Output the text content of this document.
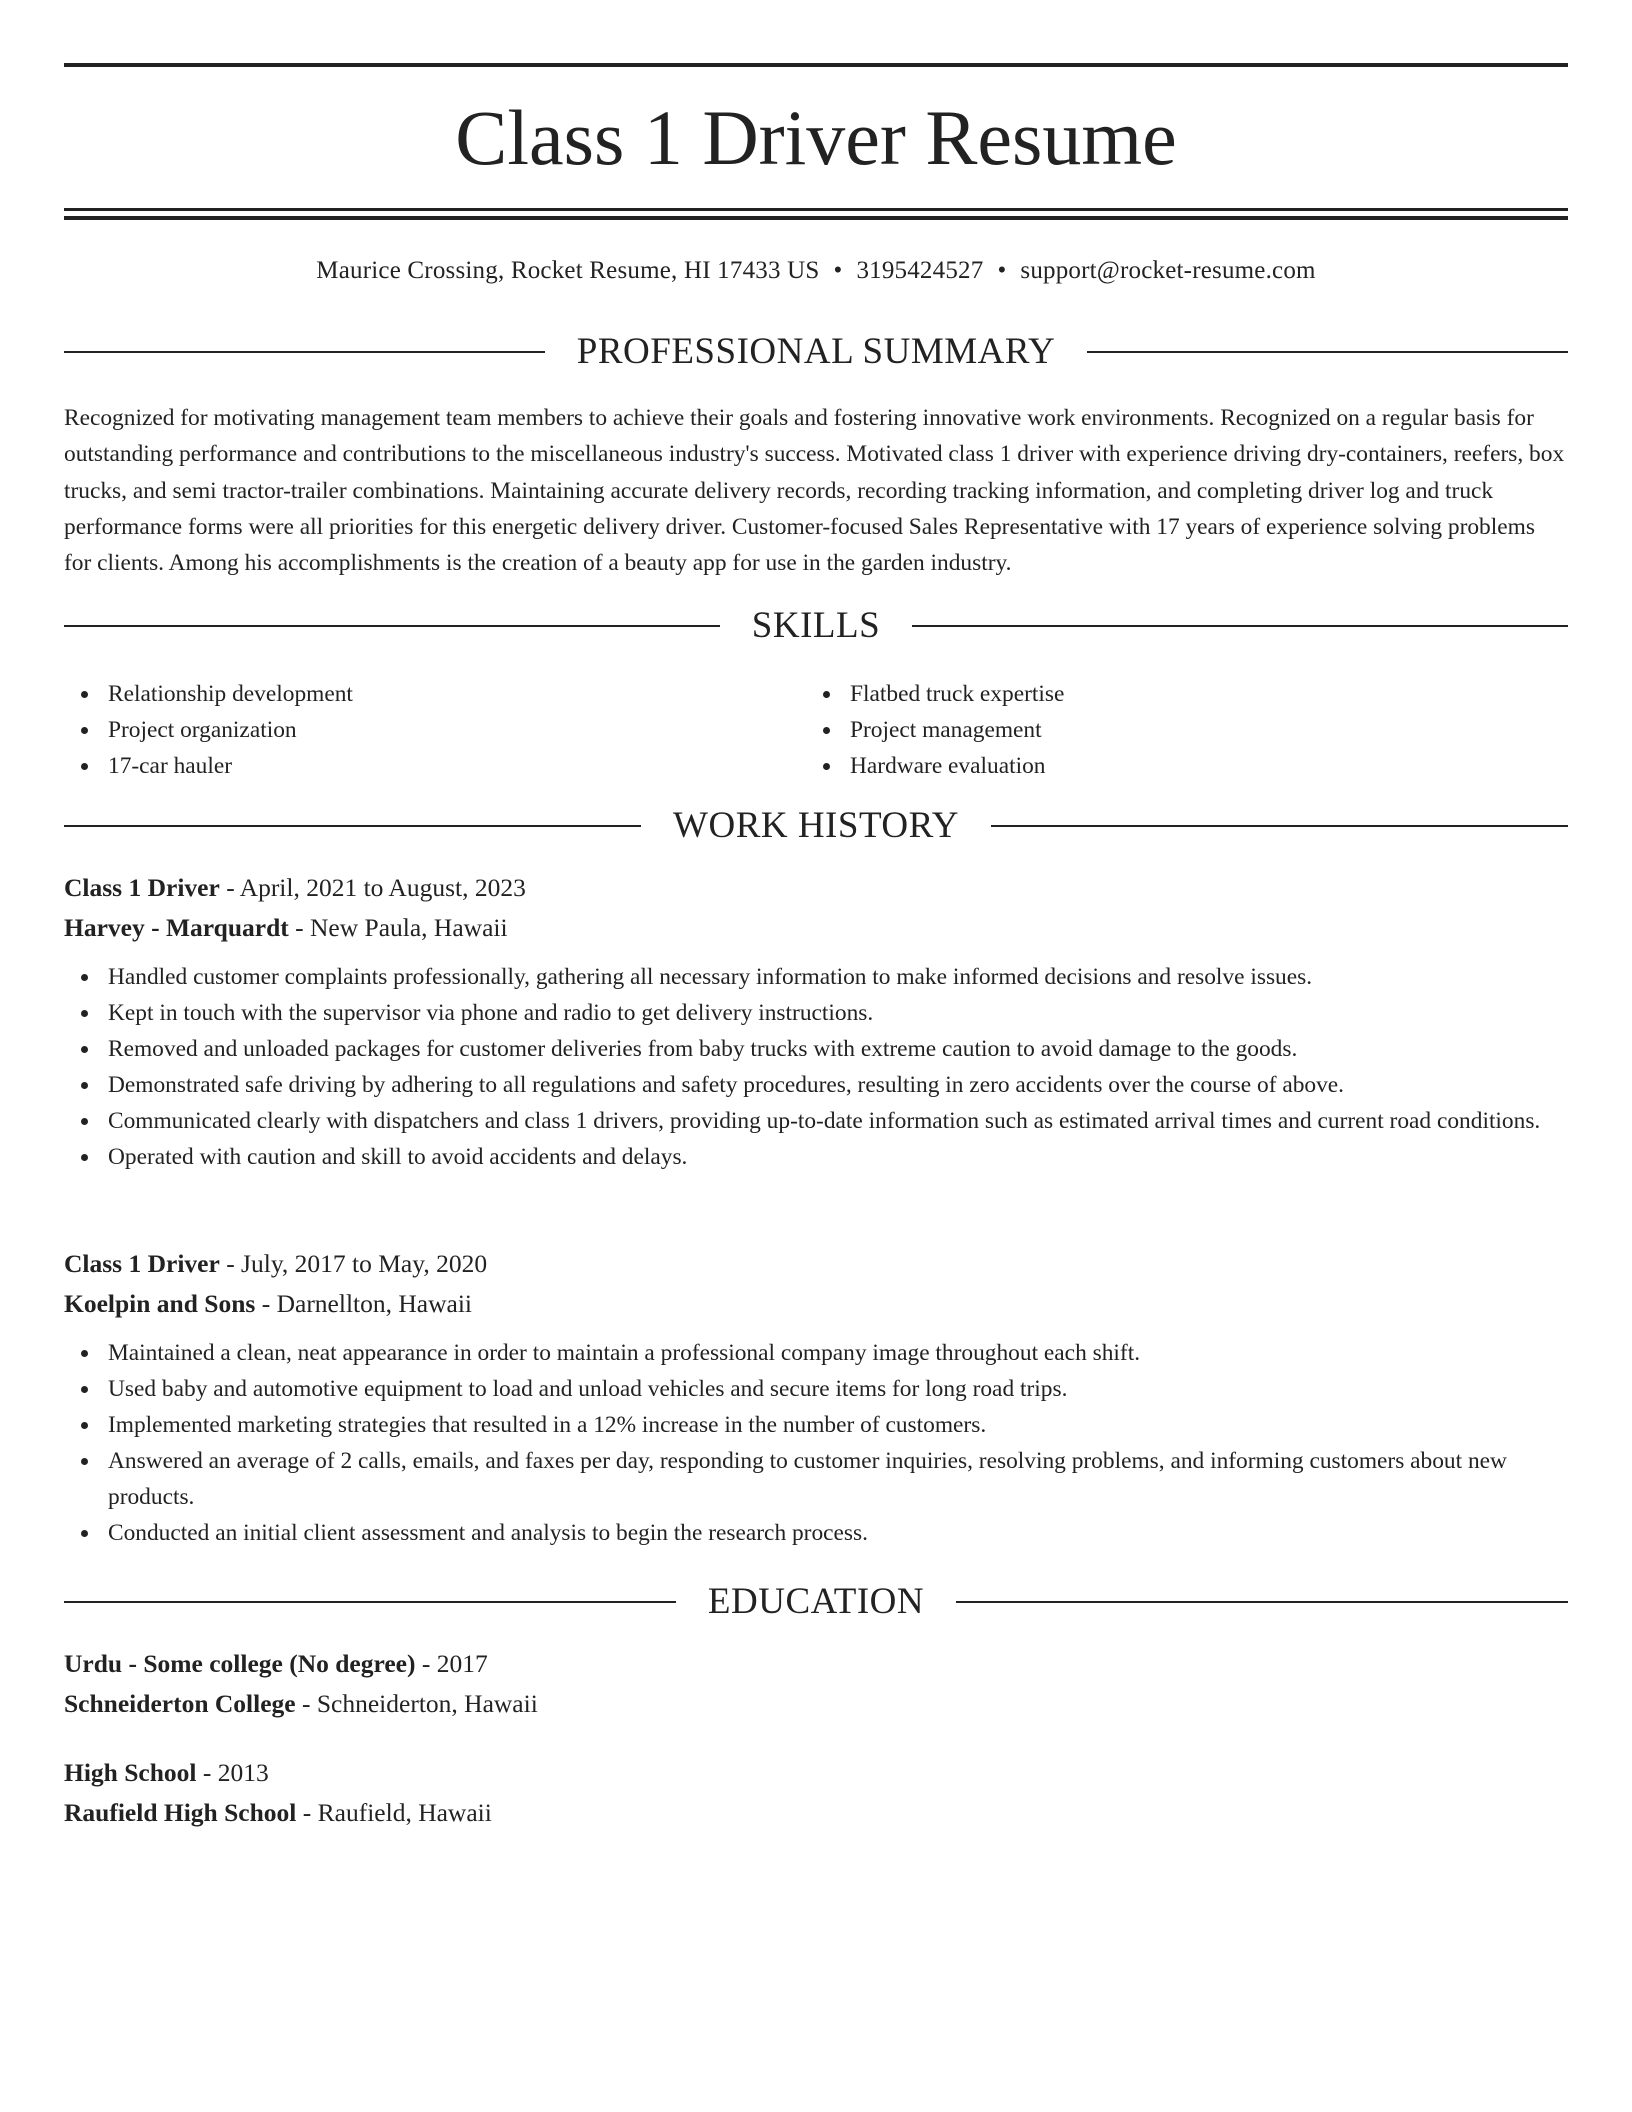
Class 1 Driver Resume
Maurice Crossing, Rocket Resume, HI 17433 US • 3195424527 • support@rocket-resume.com
PROFESSIONAL SUMMARY

Recognized for motivating management team members to achieve their goals and fostering innovative work environments. Recognized on a regular basis for outstanding performance and contributions to the miscellaneous industry's success. Motivated class 1 driver with experience driving dry-containers, reefers, box trucks, and semi tractor-trailer combinations. Maintaining accurate delivery records, recording tracking information, and completing driver log and truck performance forms were all priorities for this energetic delivery driver. Customer-focused Sales Representative with 17 years of experience solving problems for clients. Among his accomplishments is the creation of a beauty app for use in the garden industry.

SKILLS
Relationship development
Project organization
17-car hauler
Flatbed truck expertise
Project management
Hardware evaluation
WORK HISTORY
Class 1 Driver - April, 2021 to August, 2023
Harvey - Marquardt - New Paula, Hawaii
Handled customer complaints professionally, gathering all necessary information to make informed decisions and resolve issues.
Kept in touch with the supervisor via phone and radio to get delivery instructions.
Removed and unloaded packages for customer deliveries from baby trucks with extreme caution to avoid damage to the goods.
Demonstrated safe driving by adhering to all regulations and safety procedures, resulting in zero accidents over the course of above.
Communicated clearly with dispatchers and class 1 drivers, providing up-to-date information such as estimated arrival times and current road conditions.
Operated with caution and skill to avoid accidents and delays.
Class 1 Driver - July, 2017 to May, 2020
Koelpin and Sons - Darnellton, Hawaii
Maintained a clean, neat appearance in order to maintain a professional company image throughout each shift.
Used baby and automotive equipment to load and unload vehicles and secure items for long road trips.
Implemented marketing strategies that resulted in a 12% increase in the number of customers.
Answered an average of 2 calls, emails, and faxes per day, responding to customer inquiries, resolving problems, and informing customers about new products.
Conducted an initial client assessment and analysis to begin the research process.
EDUCATION
Urdu - Some college (No degree) - 2017
Schneiderton College - Schneiderton, Hawaii
High School - 2013
Raufield High School - Raufield, Hawaii
